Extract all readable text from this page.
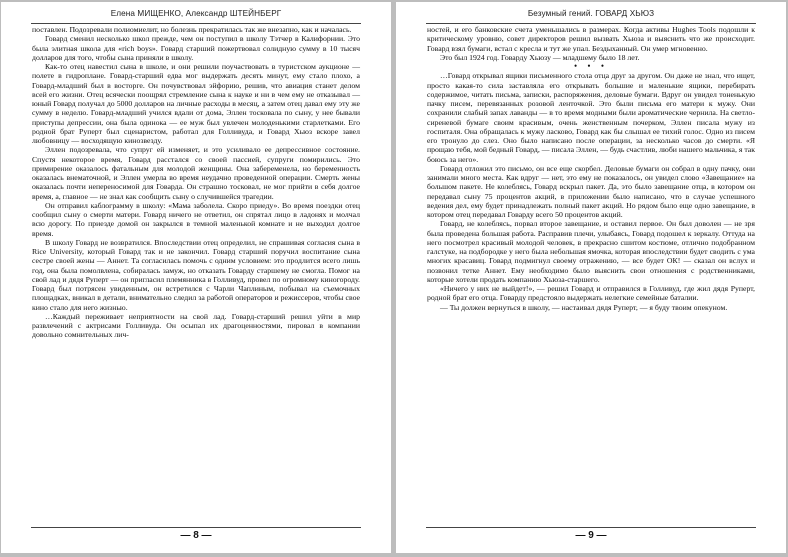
Елена МИЩЕНКО, Александр ШТЕЙНБЕРГ

поставлен. Подозревали полиомиелит, но болезнь прекратилась так же внезапно, как и началась.

Говард сменил несколько школ прежде, чем он поступил в школу Тэтчер в Калифорнии. Это была элитная школа для «rich boys». Говард старший пожертвовал солидную сумму в 10 тысяч долларов для того, чтобы сына приняли в школу.

Как-то отец навестил сына в школе, и они решили поучаствовать в туристском аукционе — полете в гидроплане. Говард-старший едва мог выдержать десять минут, ему стало плохо, а Говард-младший был в восторге. Он почувствовал эйфорию, решив, что авиация станет делом всей его жизни. Отец всячески поощрял стремление сына к науке и ни в чем ему не отказывал — юный Говард получал до 5000 долларов на личные расходы в месяц, а затем отец давал ему эту же сумму в неделю. Говард-младший учился вдали от дома, Эллен тосковала по сыну, у нее бывали приступы депрессии, она была одинока — ее муж был увлечен молоденькими старлетками. Его родной брат Руперт был сценаристом, работал для Голливуда, и Говард Хьюз вскоре завел любовницу — восходящую кинозвезду.

Эллен подозревала, что супруг ей изменяет, и это усиливало ее депрессивное состояние. Спустя некоторое время, Говард расстался со своей пассией, супруги помирились. Это примирение оказалось фатальным для молодой женщины. Она забеременела, но беременность оказалась внематочной, и Эллен умерла во время неудачно проведенной операции. Смерть жены оказалась почти непереносимой для Говарда. Он страшно тосковал, не мог прийти в себя долгое время, а, главное — не знал как сообщить сыну о случившейся трагедии.

Он отправил каблограмму в школу: «Мама заболела. Скоро приеду». Во время поездки отец сообщил сыну о смерти матери. Говард ничего не ответил, он спрятал лицо в ладонях и молчал всю дорогу. По приезде домой он закрылся в темной маленькой комнате и не выходил долгое время.

В школу Говард не возвратился. Впоследствии отец определил, не спрашивая согласия сына в Rice University, который Говард так и не закончил. Говард старший поручил воспитание сына сестре своей жены — Аннет. Та согласилась помочь с одним условием: это продлится всего лишь год, она была помолвлена, собиралась замуж, но отказать Говарду старшему не смогла. Помог на свой лад и дядя Руперт — он пригласил племянника в Голливуд, провел по огромному киногороду. Говард был потрясен увиденным, он встретился с Чарли Чаплиным, побывал на съемочных площадках, вникал в детали, внимательно следил за работой операторов и режиссеров, чтобы свое кино стало для него жизнью.

…Каждый переживает неприятности на свой лад. Говард-старший решил уйти в мир развлечений с актрисами Голливуда. Он осыпал их драгоценностями, пировал в компании довольно сомнительных лич-

— 8 —
Безумный гений. ГОВАРД ХЬЮЗ

ностей, и его банковские счета уменьшались в размерах. Когда активы Hughes Tools подошли к критическому уровню, совет директоров решил вызвать Хьюза и выяснить что же происходит. Говард взял бумаги, встал с кресла и тут же упал. Бездыханный. Он умер мгновенно.

Это был 1924 год. Говарду Хьюзу — младшему было 18 лет.

• • •

…Говард открывал ящики письменного стола отца друг за другом. Он даже не знал, что ищет, просто какая-то сила заставляла его открывать большие и маленькие ящики, перебирать содержимое, читать письма, записки, распоряжения, деловые бумаги. Вдруг он увидел тоненькую пачку писем, перевязанных розовой ленточкой. Это были письма его матери к мужу. Они сохранили слабый запах лаванды — в то время модными были ароматические чернила. На светло-сиреневой бумаге своим красивым, очень женственным почерком, Эллен писала мужу из госпиталя. Она обращалась к мужу ласково, Говард как бы слышал ее тихий голос. Одно из писем его тронуло до слез. Оно было написано после операции, за несколько часов до смерти. «Я прощаю тебя, мой бедный Говард, — писала Эллен, — будь счастлив, люби нашего мальчика, я так боюсь за него».

Говард отложил это письмо, он все еще скорбел. Деловые бумаги он собрал в одну пачку, они занимали много места. Как вдруг — нет, это ему не показалось, он увидел слово «Завещание» на большом пакете. Не колеблясь, Говард вскрыл пакет. Да, это было завещание отца, в котором он передавал сыну 75 процентов акций, в приложении было написано, что в случае успешного ведения дел, ему будет принадлежать полный пакет акций. Но рядом было еще одно завещание, в котором отец передавал Говарду всего 50 процентов акций.

Говард, не колеблясь, порвал второе завещание, и оставил первое. Он был доволен — не зря была проведена большая работа. Расправив плечи, улыбаясь, Говард подошел к зеркалу. Оттуда на него посмотрел красивый молодой человек, в прекрасно сшитом костюме, отлично подобранном галстуке, на подбородке у него была небольшая ямочка, которая впоследствии будет сводить с ума многих красавиц. Говард подмигнул своему отражению, — все будет ОК! — сказал он вслух и позвонил тетке Аннет. Ему необходимо было выяснить свои отношения с родственниками, которые хотели продать компанию Хьюза-старшего.

«Ничего у них не выйдет!», — решил Говард и отправился в Голливуд, где жил дядя Руперт, родной брат его отца. Говарду предстояло выдержать нелегкие семейные баталии.

— Ты должен вернуться в школу, — настаивал дядя Руперт, — я буду твоим опекуном.

— 9 —
